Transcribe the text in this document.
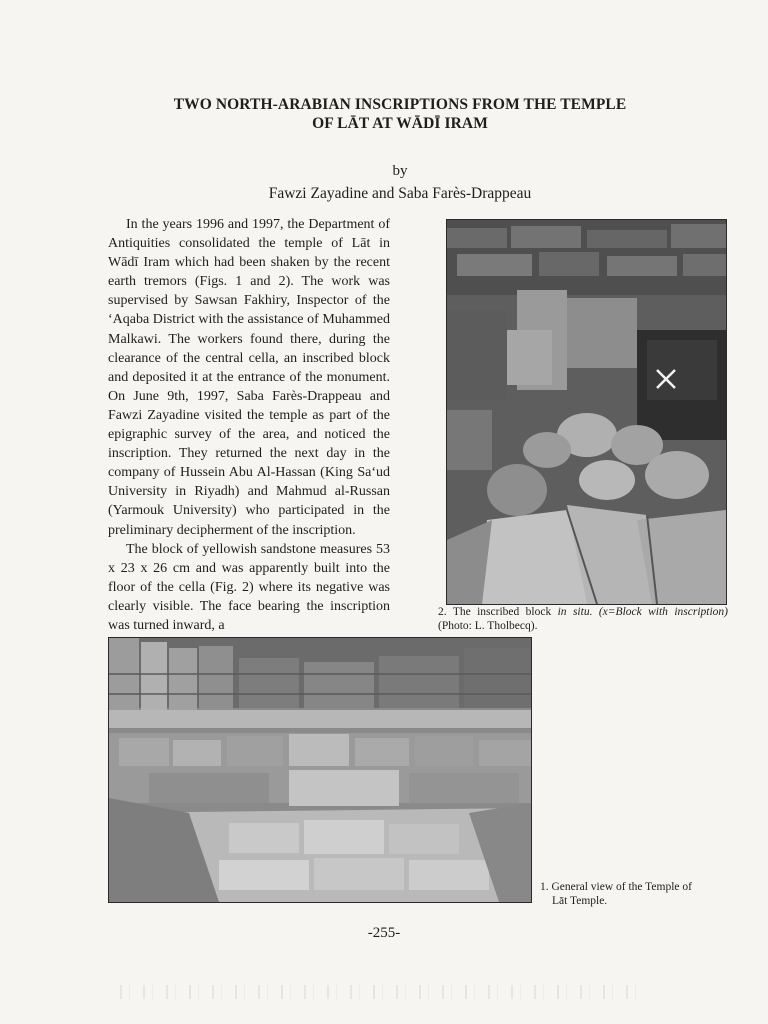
TWO NORTH-ARABIAN INSCRIPTIONS FROM THE TEMPLE
OF LĀT AT WĀDĪ IRAM
by
Fawzi Zayadine and Saba Farès-Drappeau

In the years 1996 and 1997, the Department of Antiquities consolidated the temple of Lāt in Wādī Iram which had been shaken by the recent earth tremors (Figs. 1 and 2). The work was supervised by Sawsan Fakhiry, Inspector of the ‘Aqaba District with the assistance of Muhammed Malkawi. The workers found there, during the clearance of the central cella, an inscribed block and deposited it at the entrance of the monument. On June 9th, 1997, Saba Farès-Drappeau and Fawzi Zayadine visited the temple as part of the epigraphic survey of the area, and noticed the inscription. They returned the next day in the company of Hussein Abu Al-Hassan (King Sa‘ud University in Riyadh) and Mahmud al-Russan (Yarmouk University) who participated in the preliminary decipherment of the inscription.

The block of yellowish sandstone measures 53 x 23 x 26 cm and was apparently built into the floor of the cella (Fig. 2) where its negative was clearly visible. The face bearing the inscription was turned inward, a

2. The inscribed block in situ. (x=Block with inscription) (Photo: L. Tholbecq).
1. General view of the Temple of
Lāt Temple.
-255-
